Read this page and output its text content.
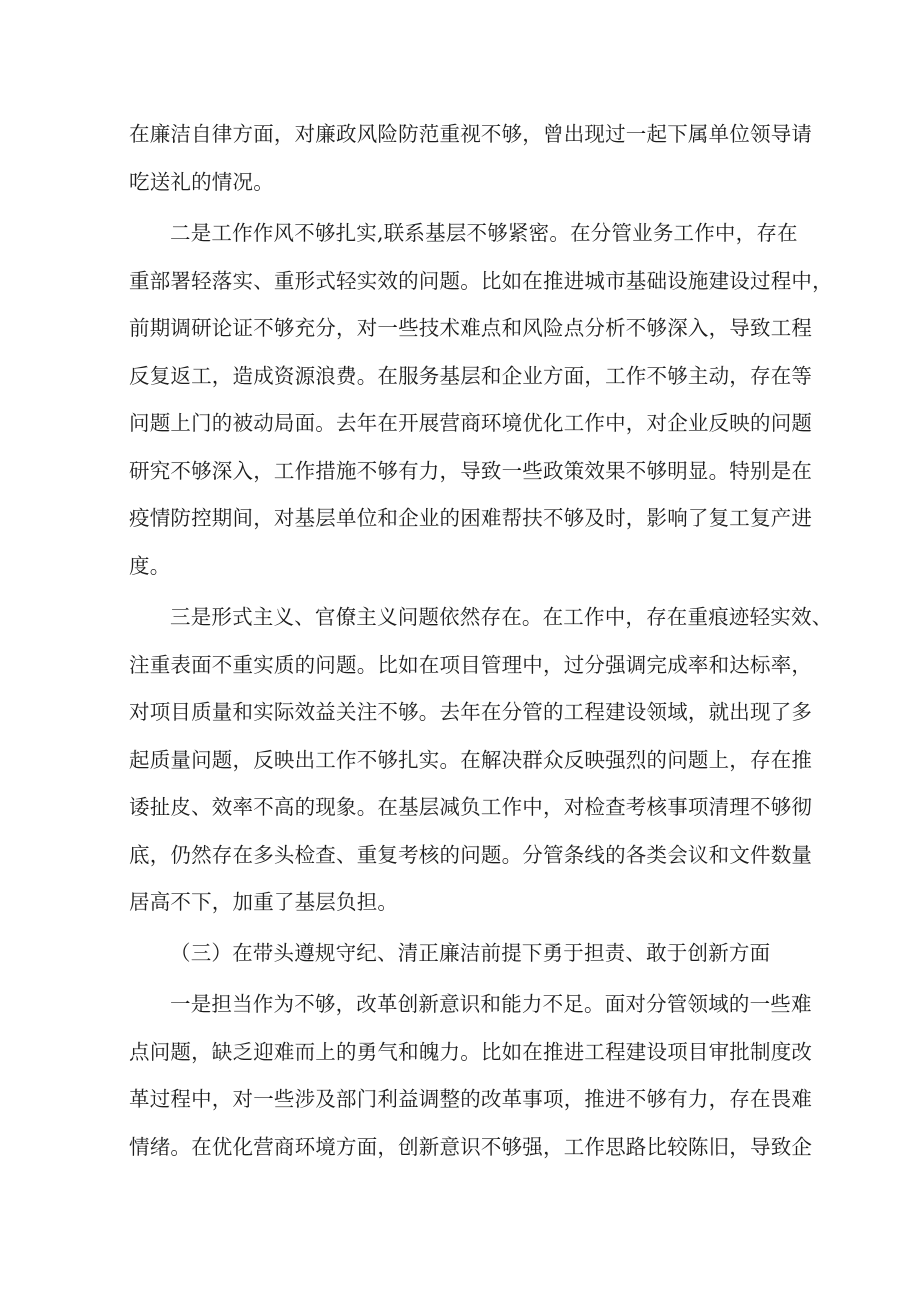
在廉洁自律方面，对廉政风险防范重视不够，曾出现过一起下属单位领导请
吃送礼的情况。
二是工作作风不够扎实,联系基层不够紧密。在分管业务工作中，存在
重部署轻落实、重形式轻实效的问题。比如在推进城市基础设施建设过程中，
前期调研论证不够充分，对一些技术难点和风险点分析不够深入，导致工程
反复返工，造成资源浪费。在服务基层和企业方面，工作不够主动，存在等
问题上门的被动局面。去年在开展营商环境优化工作中，对企业反映的问题
研究不够深入，工作措施不够有力，导致一些政策效果不够明显。特别是在
疫情防控期间，对基层单位和企业的困难帮扶不够及时，影响了复工复产进
度。
三是形式主义、官僚主义问题依然存在。在工作中，存在重痕迹轻实效、
注重表面不重实质的问题。比如在项目管理中，过分强调完成率和达标率，
对项目质量和实际效益关注不够。去年在分管的工程建设领域，就出现了多
起质量问题，反映出工作不够扎实。在解决群众反映强烈的问题上，存在推
诿扯皮、效率不高的现象。在基层减负工作中，对检查考核事项清理不够彻
底，仍然存在多头检查、重复考核的问题。分管条线的各类会议和文件数量
居高不下，加重了基层负担。
（三）在带头遵规守纪、清正廉洁前提下勇于担责、敢于创新方面
一是担当作为不够，改革创新意识和能力不足。面对分管领域的一些难
点问题，缺乏迎难而上的勇气和魄力。比如在推进工程建设项目审批制度改
革过程中，对一些涉及部门利益调整的改革事项，推进不够有力，存在畏难
情绪。在优化营商环境方面，创新意识不够强，工作思路比较陈旧，导致企
